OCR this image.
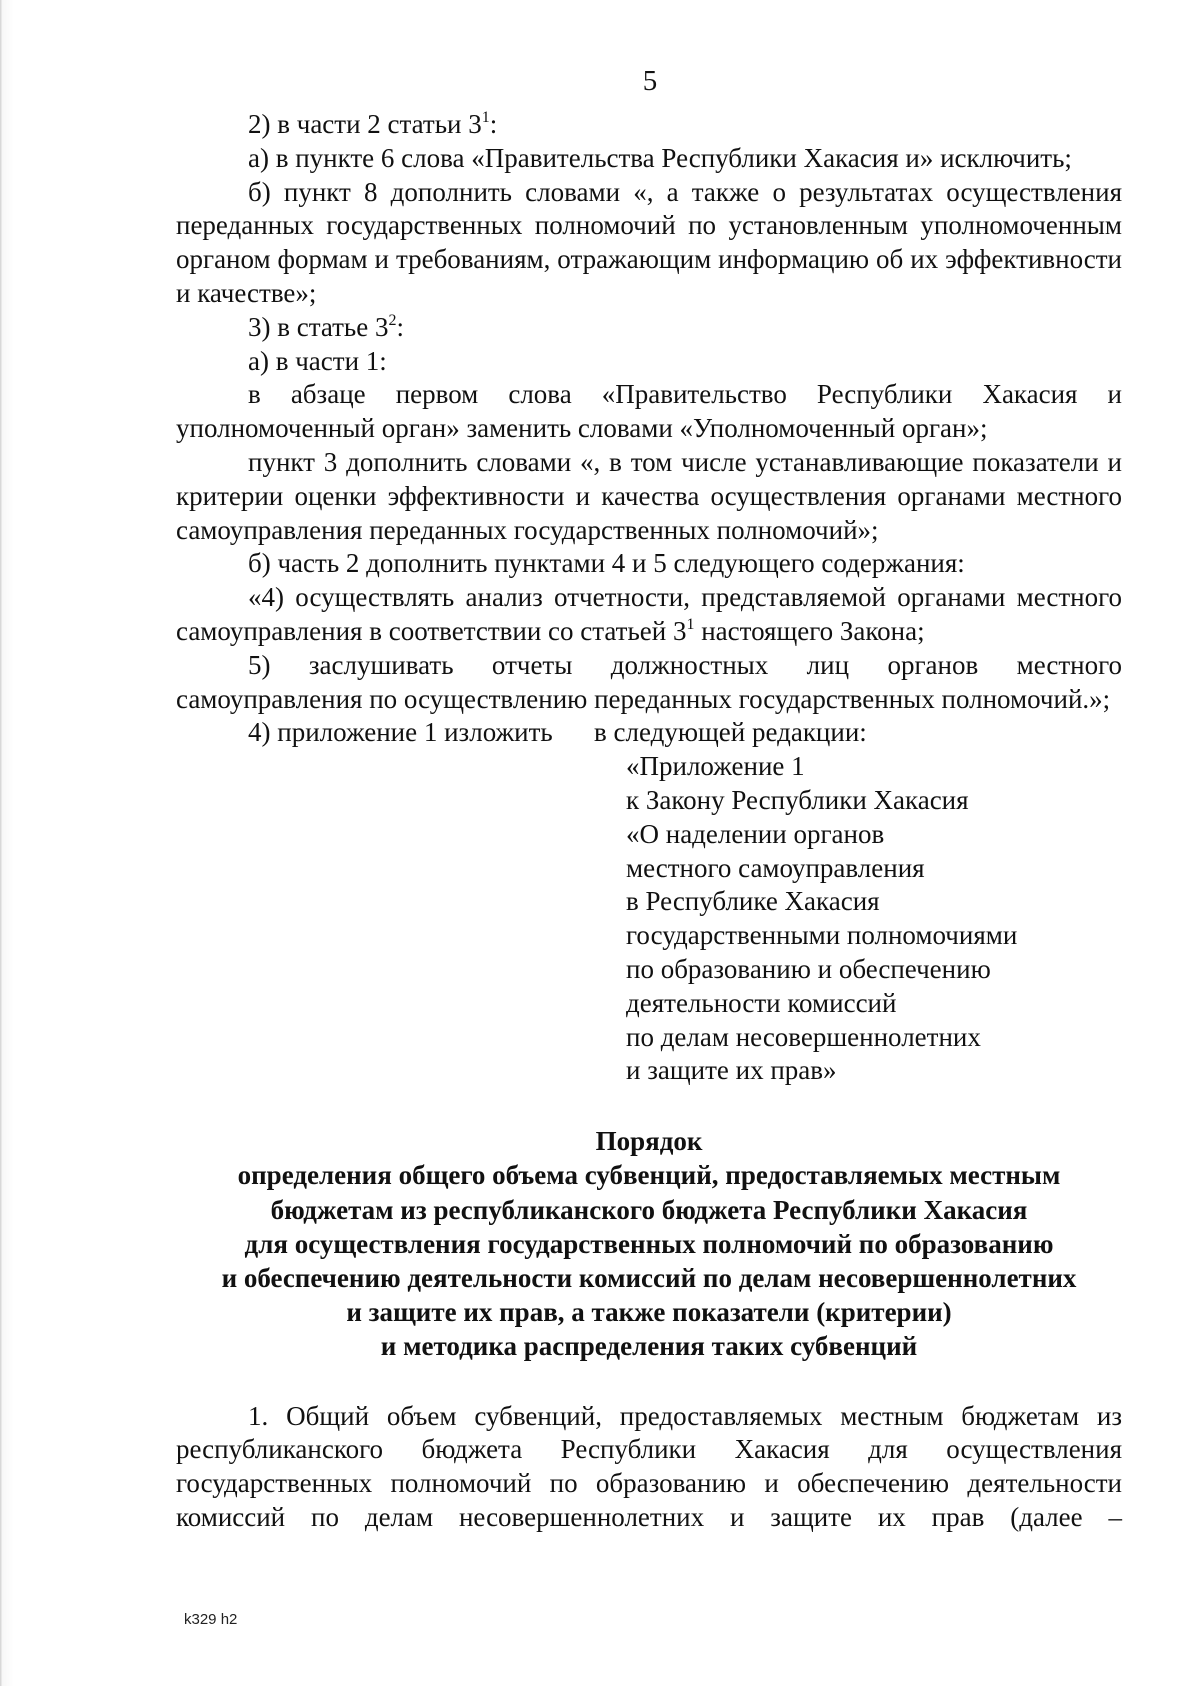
5

2) в части 2 статьи $3^1$:

а) в пункте 6 слова «Правительства Республики Хакасия и» исключить;

б) пункт 8 дополнить словами «, а также о результатах осуществления переданных государственных полномочий по установленным уполномоченным органом формам и требованиям, отражающим информацию об их эффективности и качестве»;

3) в статье $3^2$:

а) в части 1:

в абзаце первом слова «Правительство Республики Хакасия и уполномоченный орган» заменить словами «Уполномоченный орган»;

пункт 3 дополнить словами «, в том числе устанавливающие показатели и критерии оценки эффективности и качества осуществления органами местного самоуправления переданных государственных полномочий»;

б) часть 2 дополнить пунктами 4 и 5 следующего содержания:

«4) осуществлять анализ отчетности, представляемой органами местного самоуправления в соответствии со статьей $3^1$ настоящего Закона;

5) заслушивать отчеты должностных лиц органов местного самоуправления по осуществлению переданных государственных полномочий.»;

4) приложение 1 изложить	в следующей редакции:
«Приложение 1
к Закону Республики Хакасия
«О наделении органов
местного самоуправления
в Республике Хакасия
государственными полномочиями
по образованию и обеспечению
деятельности комиссий
по делам несовершеннолетних
и защите их прав»
Порядок
определения общего объема субвенций, предоставляемых местным
бюджетам из республиканского бюджета Республики Хакасия
для осуществления государственных полномочий по образованию
и обеспечению деятельности комиссий по делам несовершеннолетних
и защите их прав, а также показатели (критерии)
и методика распределения таких субвенций

1. Общий объем субвенций, предоставляемых местным бюджетам из республиканского бюджета Республики Хакасия для осуществления государственных полномочий по образованию и обеспечению деятельности комиссий по делам несовершеннолетних и защите их прав (далее –

k329 h2
